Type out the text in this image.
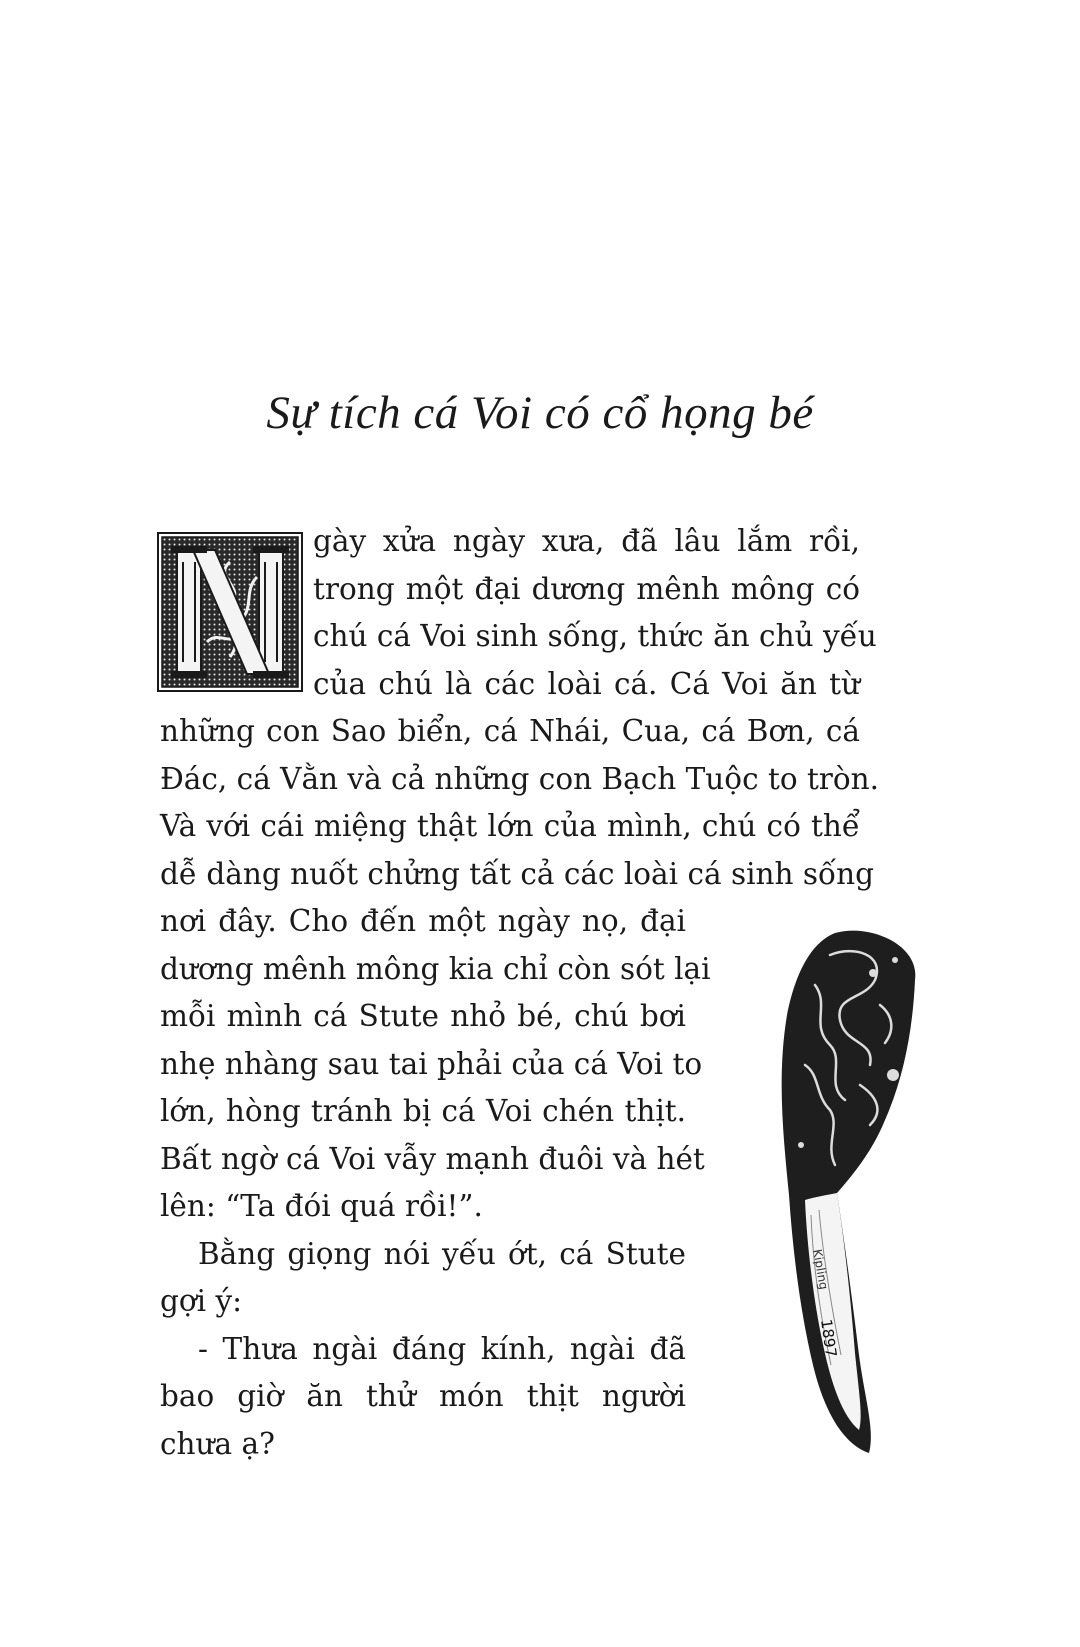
Sự tích cá Voi có cổ họng bé
gày xửa ngày xưa, đã lâu lắm rồi,
trong một đại dương mênh mông có
chú cá Voi sinh sống, thức ăn chủ yếu
của chú là các loài cá. Cá Voi ăn từ
những con Sao biển, cá Nhái, Cua, cá Bơn, cá
Đác, cá Vằn và cả những con Bạch Tuộc to tròn.
Và với cái miệng thật lớn của mình, chú có thể
dễ dàng nuốt chửng tất cả các loài cá sinh sống
nơi đây. Cho đến một ngày nọ, đại
dương mênh mông kia chỉ còn sót lại
mỗi mình cá Stute nhỏ bé, chú bơi
nhẹ nhàng sau tai phải của cá Voi to
lớn, hòng tránh bị cá Voi chén thịt.
Bất ngờ cá Voi vẫy mạnh đuôi và hét
lên: “Ta đói quá rồi!”.
Bằng giọng nói yếu ớt, cá Stute
gợi ý:
- Thưa ngài đáng kính, ngài đã
bao giờ ăn thử món thịt người
chưa ạ?
Kipling
1897
